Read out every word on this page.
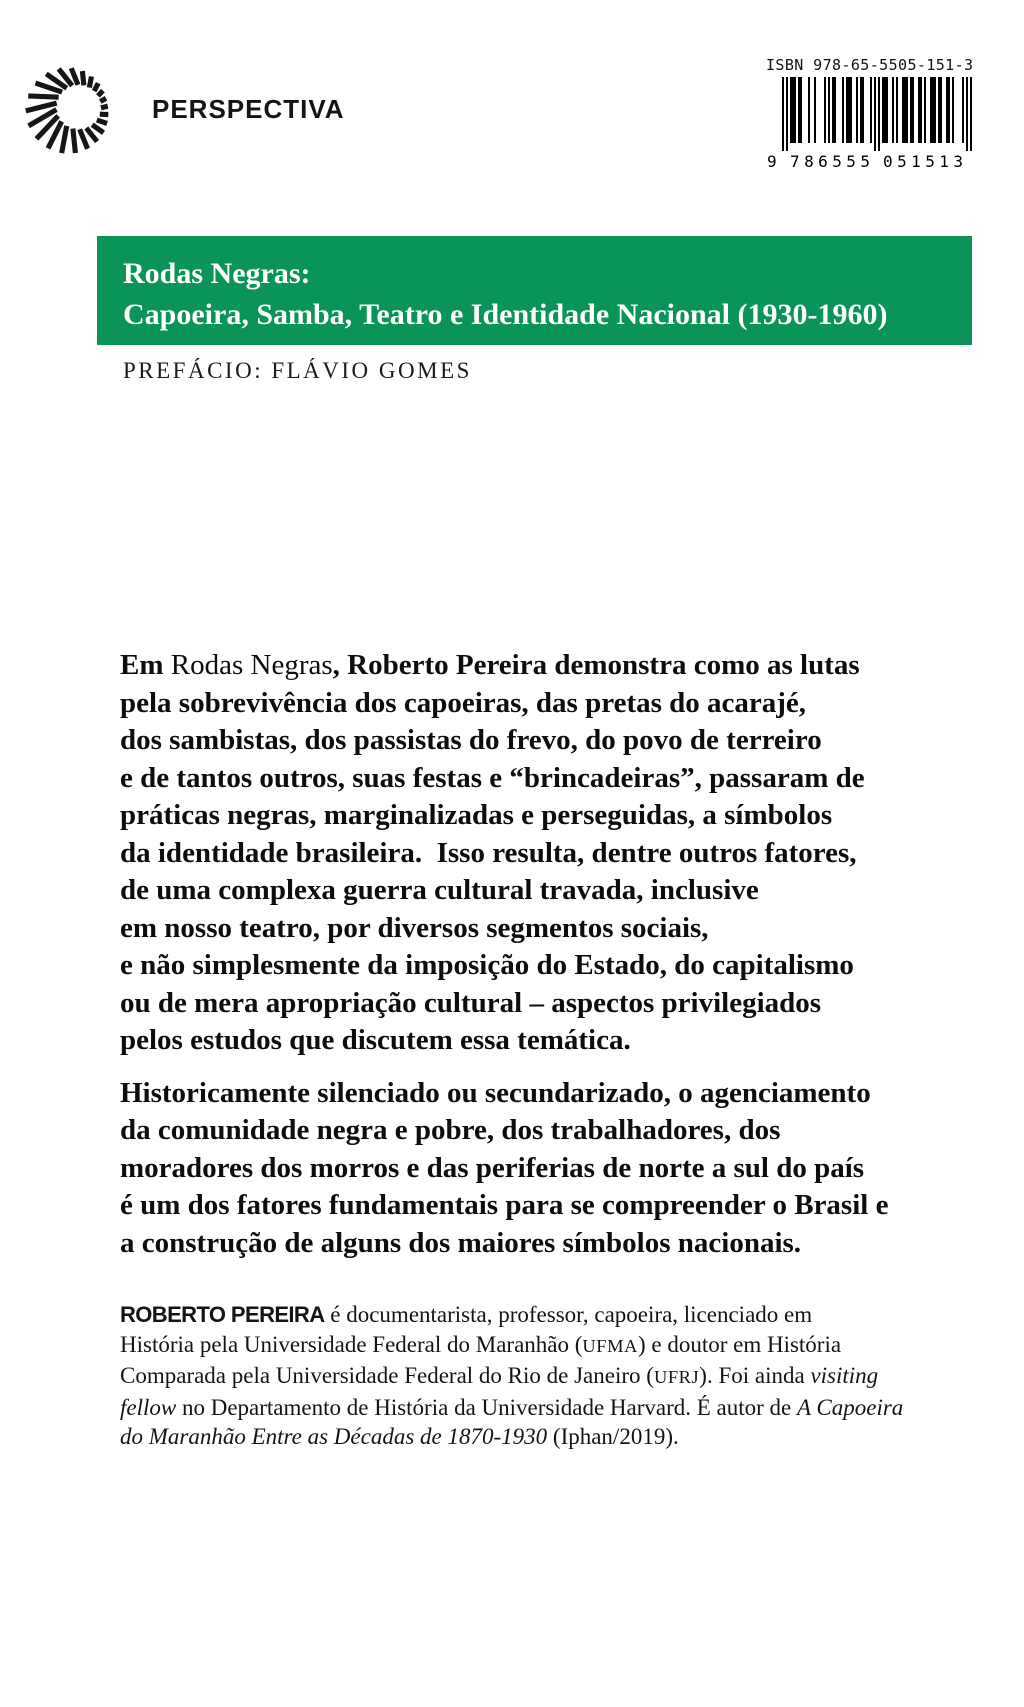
PERSPECTIVA
ISBN 978-65-5505-151-3
9 786555 051513
Rodas Negras:
Capoeira, Samba, Teatro e Identidade Nacional (1930-1960)
PREFÁCIO: FLÁVIO GOMES
Em Rodas Negras, Roberto Pereira demonstra como as lutas
pela sobrevivência dos capoeiras, das pretas do acarajé,
dos sambistas, dos passistas do frevo, do povo de terreiro
e de tantos outros, suas festas e “brincadeiras”, passaram de
práticas negras, marginalizadas e perseguidas, a símbolos
da identidade brasileira.  Isso resulta, dentre outros fatores,
de uma complexa guerra cultural travada, inclusive
em nosso teatro, por diversos segmentos sociais,
e não simplesmente da imposição do Estado, do capitalismo
ou de mera apropriação cultural – aspectos privilegiados
pelos estudos que discutem essa temática.
Historicamente silenciado ou secundarizado, o agenciamento
da comunidade negra e pobre, dos trabalhadores, dos
moradores dos morros e das periferias de norte a sul do país
é um dos fatores fundamentais para se compreender o Brasil e
a construção de alguns dos maiores símbolos nacionais.
ROBERTO PEREIRA é documentarista, professor, capoeira, licenciado em
História pela Universidade Federal do Maranhão (UFMA) e doutor em História
Comparada pela Universidade Federal do Rio de Janeiro (UFRJ). Foi ainda visiting
fellow no Departamento de História da Universidade Harvard. É autor de A Capoeira
do Maranhão Entre as Décadas de 1870-1930 (Iphan/2019).
